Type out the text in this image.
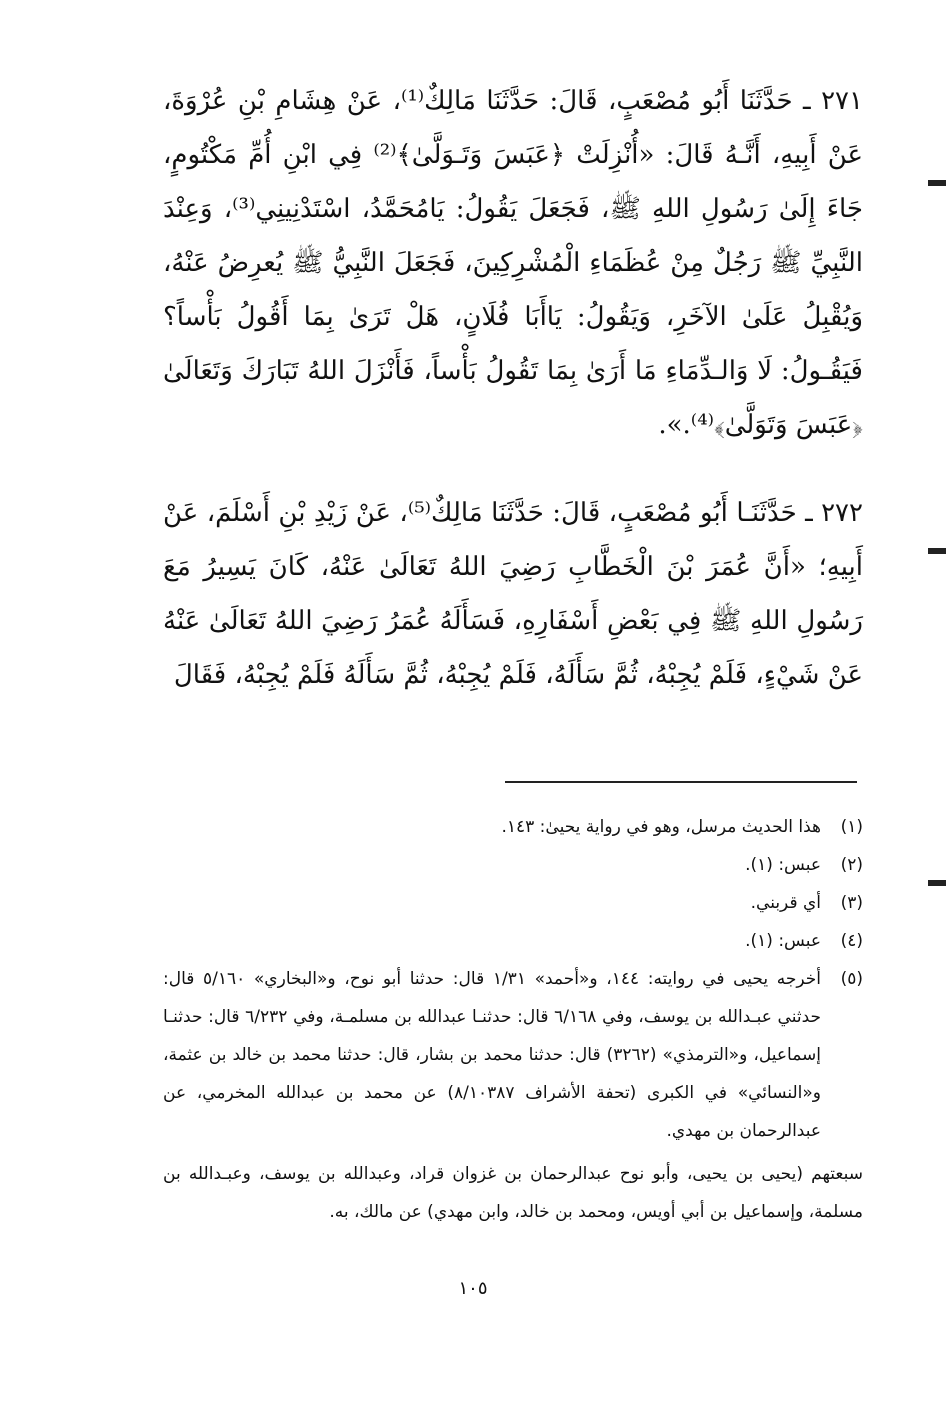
٢٧١ ـ حَدَّثَنَا أَبُو مُصْعَبٍ، قَالَ: حَدَّثَنَا مَالِكٌ⁽¹⁾، عَنْ هِشَامِ بْنِ عُرْوَةَ، عَنْ أَبِيهِ، أَنَّـهُ قَالَ: «أُنْزِلَتْ ﴿عَبَسَ وَتَـوَلَّىٰ﴾⁽²⁾ فِي ابْنِ أُمِّ مَكْتُومٍ، جَاءَ إِلَىٰ رَسُولِ اللهِ ﷺ، فَجَعَلَ يَقُولُ: يَامُحَمَّدُ، اسْتَدْنِينِي⁽³⁾، وَعِنْدَ النَّبِيِّ ﷺ رَجُلٌ مِنْ عُظَمَاءِ الْمُشْرِكِينَ، فَجَعَلَ النَّبِيُّ ﷺ يُعرِضُ عَنْهُ، وَيُقْبِلُ عَلَىٰ الآخَرِ، وَيَقُولُ: يَاأَبَا فُلَانٍ، هَلْ تَرَىٰ بِمَا أَقُولُ بَأْساً؟ فَيَقُـولُ: لَا وَالـدِّمَاءِ مَا أَرَىٰ بِمَا تَقُولُ بَأْساً، فَأَنْزَلَ اللهُ تَبَارَكَ وَتَعَالَىٰ ﴿عَبَسَ وَتَوَلَّىٰ﴾⁽⁴⁾.».

٢٧٢ ـ حَدَّثَنَـا أَبُو مُصْعَبٍ، قَالَ: حَدَّثَنَا مَالِكٌ⁽⁵⁾، عَنْ زَيْدِ بْنِ أَسْلَمَ، عَنْ أَبِيهِ؛ «أَنَّ عُمَرَ بْنَ الْخَطَّابِ رَضِيَ اللهُ تَعَالَىٰ عَنْهُ، كَانَ يَسِيرُ مَعَ رَسُولِ اللهِ ﷺ فِي بَعْضِ أَسْفَارِهِ، فَسَأَلَهُ عُمَرُ رَضِيَ اللهُ تَعَالَىٰ عَنْهُ عَنْ شَيْءٍ، فَلَمْ يُجِبْهُ، ثُمَّ سَأَلَهُ، فَلَمْ يُجِبْهُ، ثُمَّ سَأَلَهُ فَلَمْ يُجِبْهُ، فَقَالَ

(١)
هذا الحديث مرسل، وهو في رواية يحيىٰ: ١٤٣.
(٢)
عبس: (١).
(٣)
أي قربني.
(٤)
عبس: (١).
(٥)
أخرجه يحيى في روايته: ١٤٤، و«أحمد» ١/٣١ قال: حدثنا أبو نوح، و«البخاري» ٥/١٦٠ قال: حدثني عبـدالله بن يوسف، وفي ٦/١٦٨ قال: حدثنـا عبدالله بن مسلمـة، وفي ٦/٢٣٢ قال: حدثنـا إسماعيل، و«الترمذي» (٣٢٦٢) قال: حدثنا محمد بن بشار، قال: حدثنا محمد بن خالد بن عثمة، و«النسائي» في الكبرى (تحفة الأشراف ٨/١٠٣٨٧) عن محمد بن عبدالله المخرمي، عن عبدالرحمان بن مهدي.

سبعتهم (يحيى بن يحيى، وأبو نوح عبدالرحمان بن غزوان قراد، وعبدالله بن يوسف، وعبـدالله بن مسلمة، وإسماعيل بن أبي أويس، ومحمد بن خالد، وابن مهدي) عن مالك، به.

١٠٥
